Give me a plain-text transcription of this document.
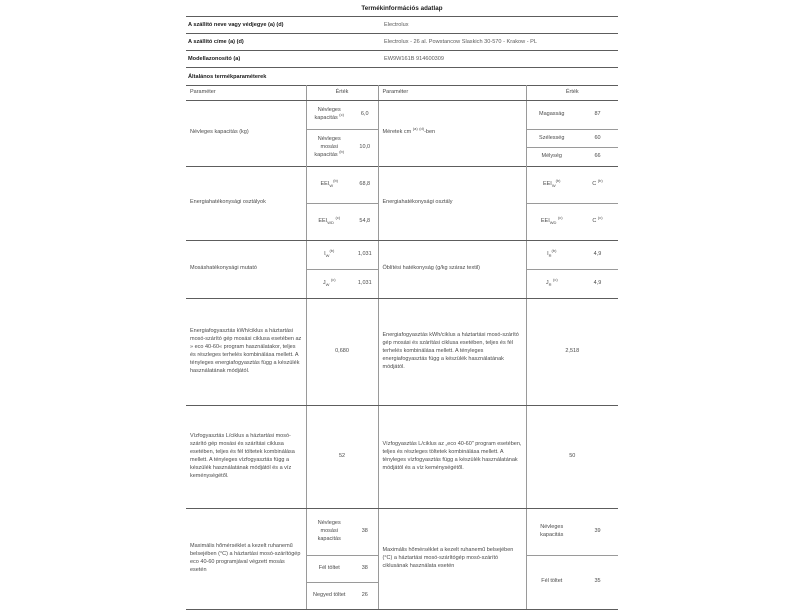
Termékinformációs adatlap
A szállító neve vagy védjegye (a) (d)	Electrolux
A szállító címe (a) (d)	Electrolux - 26 al. Powstancow Slaskich 30-570 - Krakow - PL
Modellazonosító (a)	EW9W161B 914600309
Általános termékparaméterek
Paraméter	Érték		Paraméter	Érték	
Névleges kapacitás (kg)	Névleges kapacitás $^{(c)}$	6,0	Méretek cm $^{(a)}$ $^{(d)}$-ben	Magasság	87
	Névleges mosási kapacitás $^{(b)}$	10,0		Szélesség	60
				Mélység	66
Energiahatékonysági osztályok	$EEI_W^{(b)}$	68,8	Energiahatékonysági osztály	$EEI_W^{(b)}$	C $^{(b)}$
	$EEI_{WD}$ $^{(c)}$	54,8		$EEI_{WD}$ $^{(c)}$	C $^{(c)}$
Mosáshatékonysági mutató	$I_W^{(b)}$	1,031	Öblítési hatékonyság (g/kg száraz textil)	$I_R^{(b)}$	4,9
	$J_W$ $^{(c)}$	1,031		$J_R$ $^{(c)}$	4,9
Energiafogyasztás kWh/ciklus a háztartási mosó-szárító gép mosási ciklusa esetében az » eco 40-60« program használatakor, teljes és részleges terhelés kombinálása mellett. A tényleges energiafogyasztás függ a készülék használatának módjától.	0,680	Energiafogyasztás kWh/ciklus a háztartási mosó-szárító gép mosási és szárítási ciklusa esetében, teljes és fél terhelés kombinálása mellett. A tényleges energiafogyasztás függ a készülék használatának módjától.	2,518
Vízfogyasztás L/ciklus a háztartási mosó-szárító gép mosási és szárítási ciklusa esetében, teljes és fél töltetek kombinálása mellett. A tényleges vízfogyasztás függ a készülék használatának módjától és a víz keménységétől.	52		Vízfogyasztás L/ciklus az „eco 40-60" program esetében, teljes és részleges töltetek kombinálása mellett. A tényleges vízfogyasztás függ a készülék használatának módjától és a víz keménységétől.	50	
Maximális hőmérséklet a kezelt ruhanemű belsejében (°C) a háztartási mosó-szárítógép eco 40-60 programjával végzett mosás esetén	Névleges mosási kapacitás	38	Maximális hőmérséklet a kezelt ruhanemű belsejében (°C) a háztartási mosó-szárítógép mosó-szárító ciklusának használata esetén	Névleges kapacitás	39
	Fél töltet	38		Fél töltet	35
	Negyed töltet	26			
